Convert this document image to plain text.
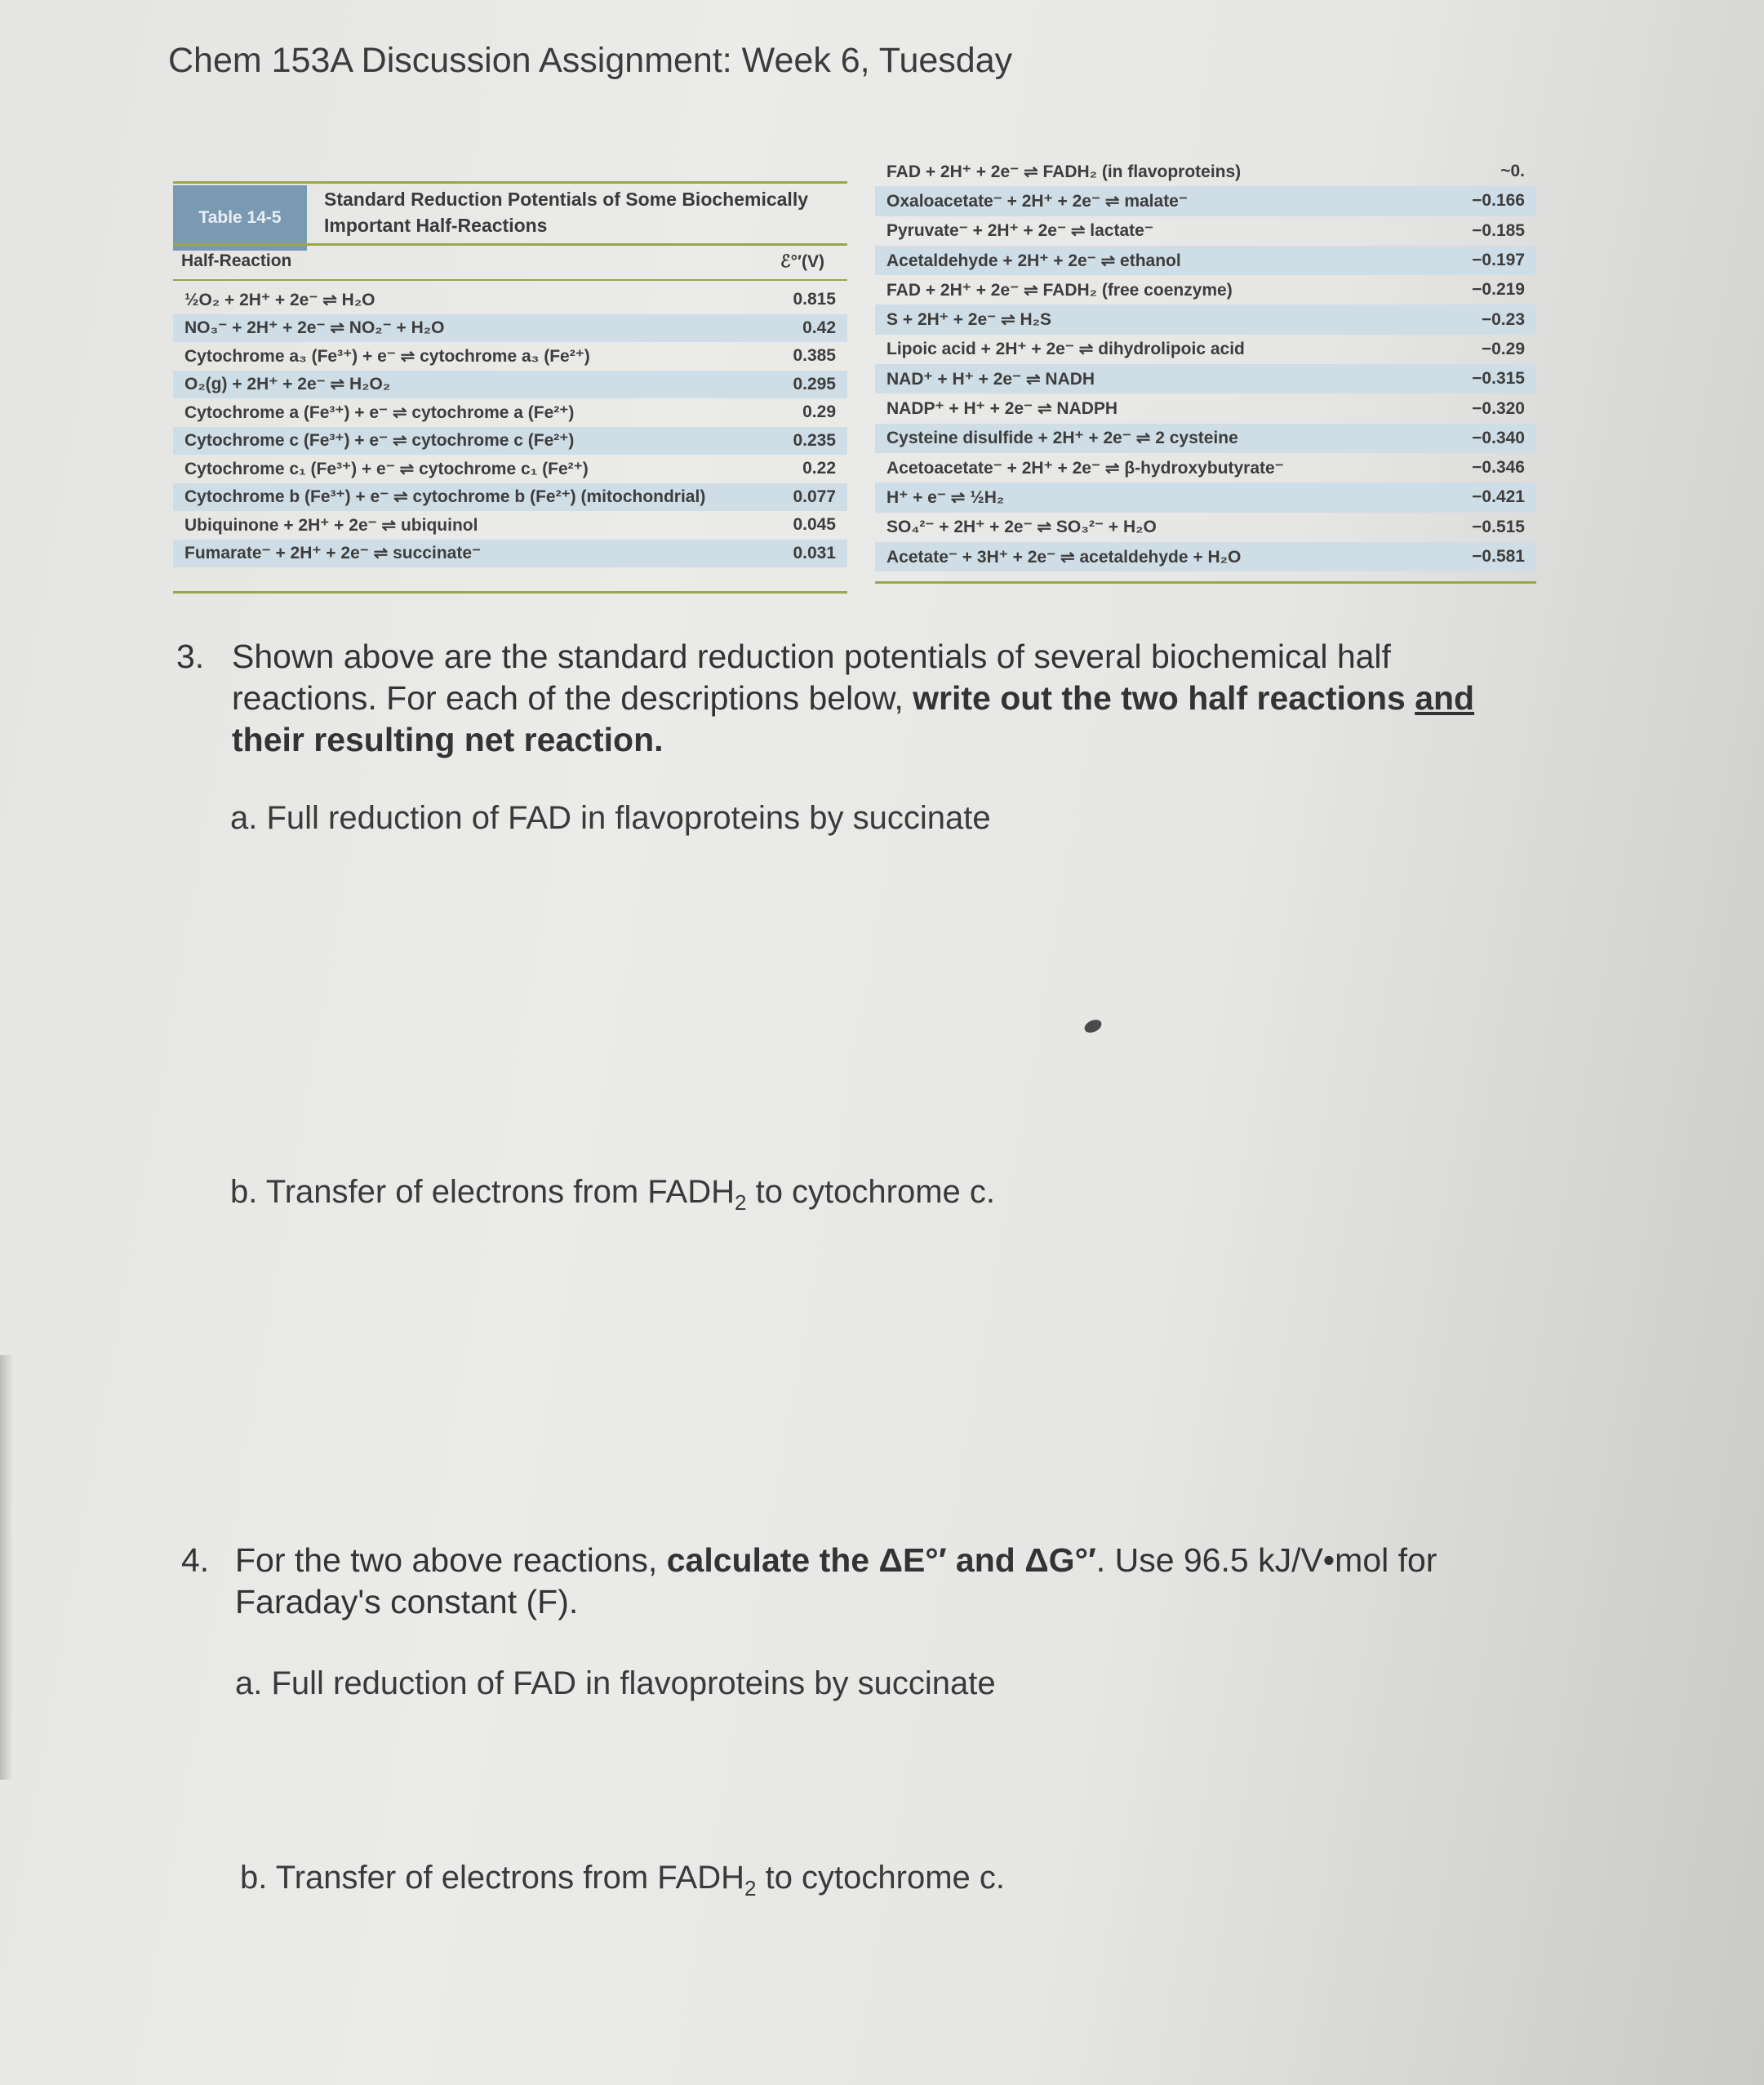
Chem 153A Discussion Assignment: Week 6, Tuesday
Table 14-5
Standard Reduction Potentials of Some Biochemically Important Half-Reactions
Half-Reaction	ℰ°′(V)
½O₂ + 2H⁺ + 2e⁻ ⇌ H₂O	0.815
NO₃⁻ + 2H⁺ + 2e⁻ ⇌ NO₂⁻ + H₂O	0.42
Cytochrome a₃ (Fe³⁺) + e⁻ ⇌ cytochrome a₃ (Fe²⁺)	0.385
O₂(g) + 2H⁺ + 2e⁻ ⇌ H₂O₂	0.295
Cytochrome a (Fe³⁺) + e⁻ ⇌ cytochrome a (Fe²⁺)	0.29
Cytochrome c (Fe³⁺) + e⁻ ⇌ cytochrome c (Fe²⁺)	0.235
Cytochrome c₁ (Fe³⁺) + e⁻ ⇌ cytochrome c₁ (Fe²⁺)	0.22
Cytochrome b (Fe³⁺) + e⁻ ⇌ cytochrome b (Fe²⁺) (mitochondrial)	0.077
Ubiquinone + 2H⁺ + 2e⁻ ⇌ ubiquinol	0.045
Fumarate⁻ + 2H⁺ + 2e⁻ ⇌ succinate⁻	0.031
FAD + 2H⁺ + 2e⁻ ⇌ FADH₂ (in flavoproteins)	~0.
Oxaloacetate⁻ + 2H⁺ + 2e⁻ ⇌ malate⁻	−0.166
Pyruvate⁻ + 2H⁺ + 2e⁻ ⇌ lactate⁻	−0.185
Acetaldehyde + 2H⁺ + 2e⁻ ⇌ ethanol	−0.197
FAD + 2H⁺ + 2e⁻ ⇌ FADH₂ (free coenzyme)	−0.219
S + 2H⁺ + 2e⁻ ⇌ H₂S	−0.23
Lipoic acid + 2H⁺ + 2e⁻ ⇌ dihydrolipoic acid	−0.29
NAD⁺ + H⁺ + 2e⁻ ⇌ NADH	−0.315
NADP⁺ + H⁺ + 2e⁻ ⇌ NADPH	−0.320
Cysteine disulfide + 2H⁺ + 2e⁻ ⇌ 2 cysteine	−0.340
Acetoacetate⁻ + 2H⁺ + 2e⁻ ⇌ β-hydroxybutyrate⁻	−0.346
H⁺ + e⁻ ⇌ ½H₂	−0.421
SO₄²⁻ + 2H⁺ + 2e⁻ ⇌ SO₃²⁻ + H₂O	−0.515
Acetate⁻ + 3H⁺ + 2e⁻ ⇌ acetaldehyde + H₂O	−0.581
3. Shown above are the standard reduction potentials of several biochemical half
reactions. For each of the descriptions below, write out the two half reactions and
their resulting net reaction.
a. Full reduction of FAD in flavoproteins by succinate
b. Transfer of electrons from $FADH_2$ to cytochrome c.
4. For the two above reactions, calculate the ΔE°′ and ΔG°′. Use 96.5 kJ/V•mol for
Faraday's constant (F).
a. Full reduction of FAD in flavoproteins by succinate
b. Transfer of electrons from $FADH_2$ to cytochrome c.
